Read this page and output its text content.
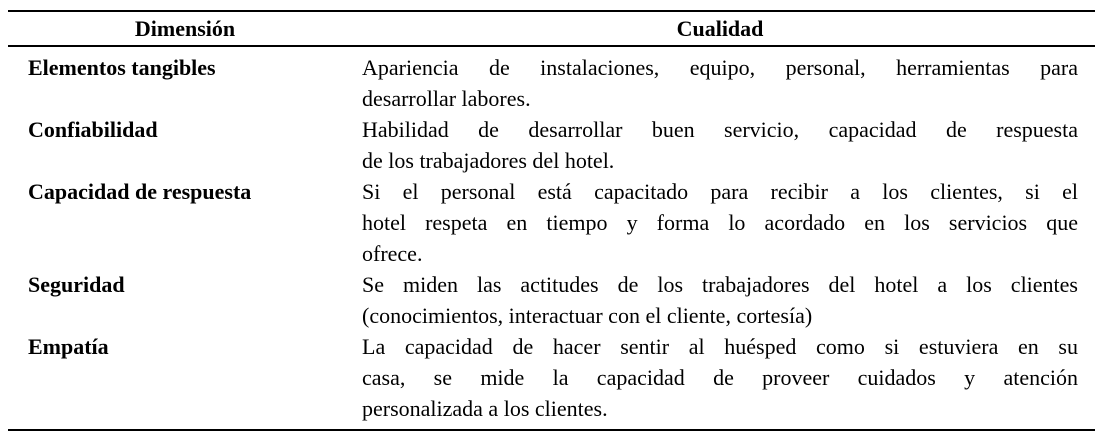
Dimensión	Cualidad
Elementos tangibles	Apariencia de instalaciones, equipo, personal, herramientas para
desarrollar labores.
Confiabilidad	Habilidad de desarrollar buen servicio, capacidad de respuesta
de los trabajadores del hotel.
Capacidad de respuesta	Si el personal está capacitado para recibir a los clientes, si el
hotel respeta en tiempo y forma lo acordado en los servicios que
ofrece.
Seguridad	Se miden las actitudes de los trabajadores del hotel a los clientes
(conocimientos, interactuar con el cliente, cortesía)
Empatía	La capacidad de hacer sentir al huésped como si estuviera en su
casa, se mide la capacidad de proveer cuidados y atención
personalizada a los clientes.
